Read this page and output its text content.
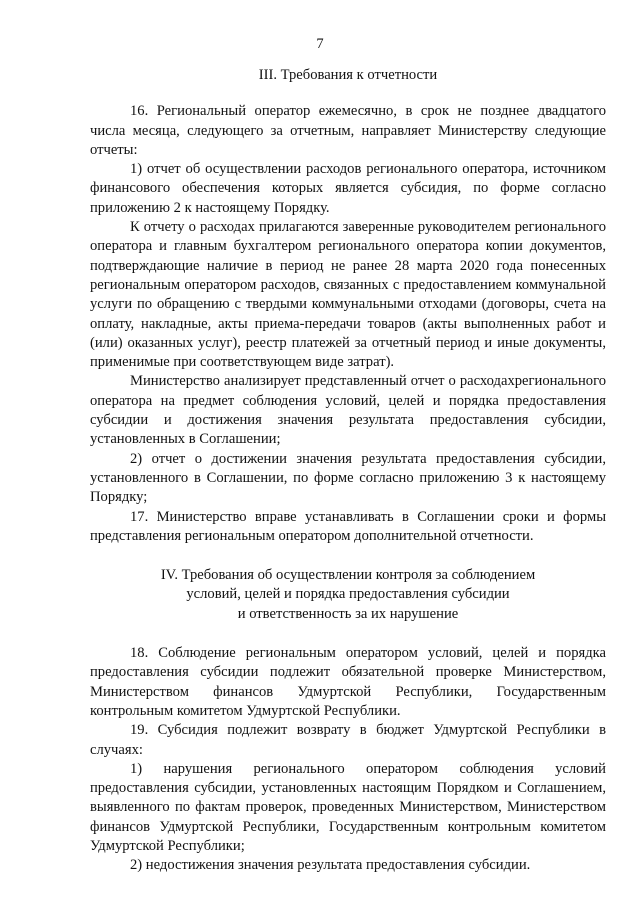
7

III. Требования к отчетности

16. Региональный оператор ежемесячно, в срок не позднее двадцатого числа месяца, следующего за отчетным, направляет Министерству следующие отчеты:

1) отчет об осуществлении расходов регионального оператора, источником финансового обеспечения которых является субсидия, по форме согласно приложению 2 к настоящему Порядку.

К отчету о расходах прилагаются заверенные руководителем регионального оператора и главным бухгалтером регионального оператора копии документов, подтверждающие наличие в период не ранее 28 марта 2020 года понесенных региональным оператором расходов, связанных с предоставлением коммунальной услуги по обращению с твердыми коммунальными отходами (договоры, счета на оплату, накладные, акты приема-передачи товаров (акты выполненных работ и (или) оказанных услуг), реестр платежей за отчетный период и иные документы, применимые при соответствующем виде затрат).

Министерство анализирует представленный отчет о расходахрегионального оператора на предмет соблюдения условий, целей и порядка предоставления субсидии и достижения значения результата предоставления субсидии, установленных в Соглашении;

2) отчет о достижении значения результата предоставления субсидии, установленного в Соглашении, по форме согласно приложению 3 к настоящему Порядку;

17. Министерство вправе устанавливать в Соглашении сроки и формы представления региональным оператором дополнительной отчетности.

IV. Требования об осуществлении контроля за соблюдением
условий, целей и порядка предоставления субсидии
и ответственность за их нарушение

18. Соблюдение региональным оператором условий, целей и порядка предоставления субсидии подлежит обязательной проверке Министерством, Министерством финансов Удмуртской Республики, Государственным контрольным комитетом Удмуртской Республики.

19. Субсидия подлежит возврату в бюджет Удмуртской Республики в случаях:

1) нарушения регионального оператором соблюдения условий предоставления субсидии, установленных настоящим Порядком и Соглашением, выявленного по фактам проверок, проведенных Министерством, Министерством финансов Удмуртской Республики, Государственным контрольным комитетом Удмуртской Республики;

2) недостижения значения результата предоставления субсидии.
